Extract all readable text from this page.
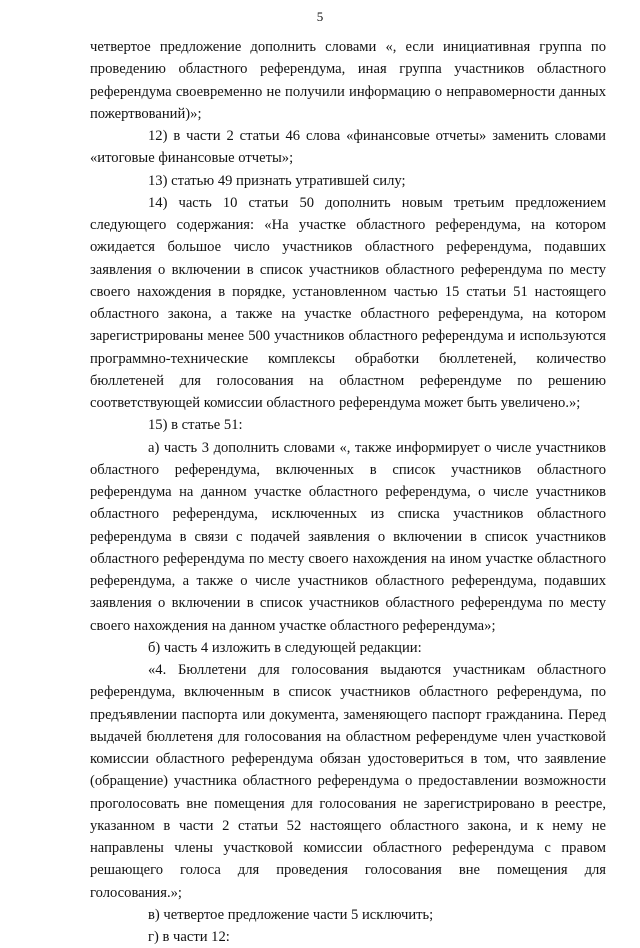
5

четвертое предложение дополнить словами «, если инициативная группа по проведению областного референдума, иная группа участников областного референдума своевременно не получили информацию о неправомерности данных пожертвований)»;

12) в части 2 статьи 46 слова «финансовые отчеты» заменить словами «итоговые финансовые отчеты»;

13) статью 49 признать утратившей силу;

14) часть 10 статьи 50 дополнить новым третьим предложением следующего содержания: «На участке областного референдума, на котором ожидается большое число участников областного референдума, подавших заявления о включении в список участников областного референдума по месту своего нахождения в порядке, установленном частью 15 статьи 51 настоящего областного закона, а также на участке областного референдума, на котором зарегистрированы менее 500 участников областного референдума и используются программно-технические комплексы обработки бюллетеней, количество бюллетеней для голосования на областном референдуме по решению соответствующей комиссии областного референдума может быть увеличено.»;

15) в статье 51:

а) часть 3 дополнить словами «, также информирует о числе участников областного референдума, включенных в список участников областного референдума на данном участке областного референдума, о числе участников областного референдума, исключенных из списка участников областного референдума в связи с подачей заявления о включении в список участников областного референдума по месту своего нахождения на ином участке областного референдума, а также о числе участников областного референдума, подавших заявления о включении в список участников областного референдума по месту своего нахождения на данном участке областного референдума»;

б) часть 4 изложить в следующей редакции:

«4. Бюллетени для голосования выдаются участникам областного референдума, включенным в список участников областного референдума, по предъявлении паспорта или документа, заменяющего паспорт гражданина. Перед выдачей бюллетеня для голосования на областном референдуме член участковой комиссии областного референдума обязан удостовериться в том, что заявление (обращение) участника областного референдума о предоставлении возможности проголосовать вне помещения для голосования не зарегистрировано в реестре, указанном в части 2 статьи 52 настоящего областного закона, и к нему не направлены члены участковой комиссии областного референдума с правом решающего голоса для проведения голосования вне помещения для голосования.»;

в) четвертое предложение части 5 исключить;

г) в части 12:
